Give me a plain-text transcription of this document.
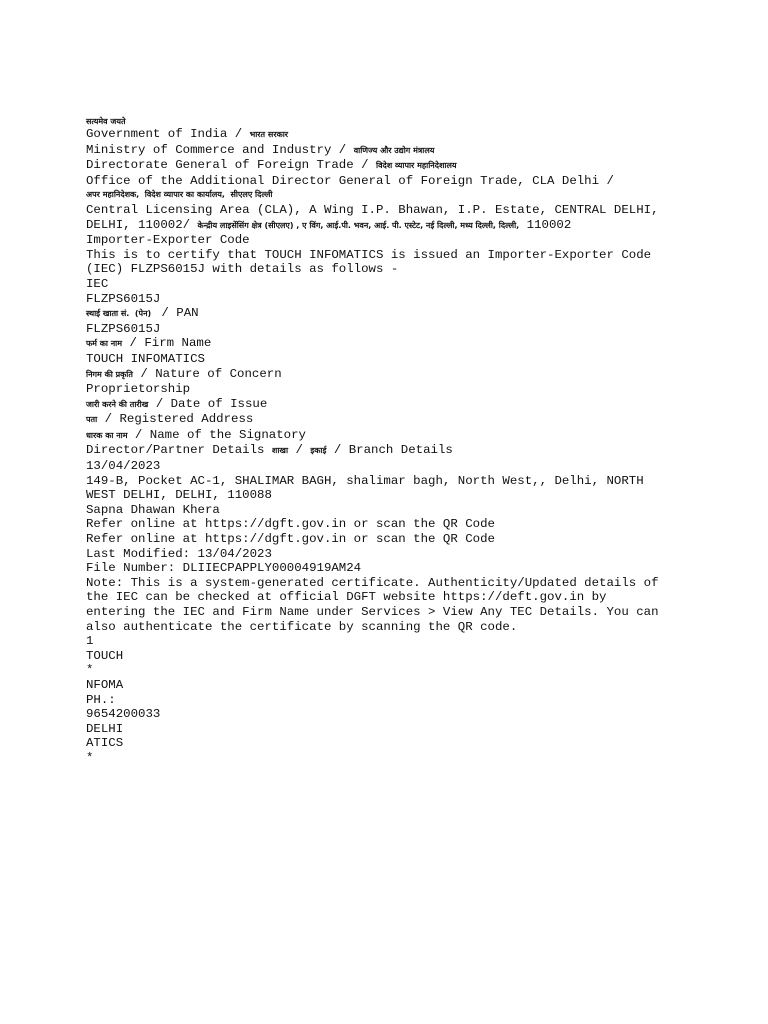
सत्यमेव जयते
Government of India / भारत सरकार
Ministry of Commerce and Industry / वाणिज्य और उद्योग मंत्रालय
Directorate General of Foreign Trade / विदेश व्यापार महानिदेशालय
Office of the Additional Director General of Foreign Trade, CLA Delhi /
अपर महानिदेशक,  विदेश व्यापार का कार्यालय,  सीएलए दिल्ली
Central Licensing Area (CLA), A Wing I.P. Bhawan, I.P. Estate, CENTRAL DELHI, DELHI, 110002/ केन्द्रीय लाइसेंसिंग क्षेत्र (सीएलए) , ए विंग, आई.पी. भवन, आई. पी. एस्टेट, नई दिल्ली, मध्य दिल्ली, दिल्ली, 110002
Importer-Exporter Code
This is to certify that TOUCH INFOMATICS is issued an Importer-Exporter Code (IEC) FLZPS6015J with details as follows -
IEC
FLZPS6015J
स्थाई खाता सं.  (पेन)  / PAN
FLZPS6015J
फर्म का नाम / Firm Name
TOUCH INFOMATICS
निगम की प्रकृति / Nature of Concern
Proprietorship
जारी करने की तारीख / Date of Issue
पता / Registered Address
धारक का नाम / Name of the Signatory
Director/Partner Details शाखा / इकाई / Branch Details
13/04/2023
149-B, Pocket AC-1, SHALIMAR BAGH, shalimar bagh, North West,, Delhi, NORTH WEST DELHI, DELHI, 110088
Sapna Dhawan Khera
Refer online at https://dgft.gov.in or scan the QR Code
Refer online at https://dgft.gov.in or scan the QR Code
Last Modified: 13/04/2023
File Number: DLIIECPAPPLY00004919AM24
Note: This is a system-generated certificate. Authenticity/Updated details of the IEC can be checked at official DGFT website https://deft.gov.in by entering the IEC and Firm Name under Services > View Any TEC Details. You can also authenticate the certificate by scanning the QR code.
1
TOUCH
*
NFOMA
PH.:
9654200033
DELHI
ATICS
*
